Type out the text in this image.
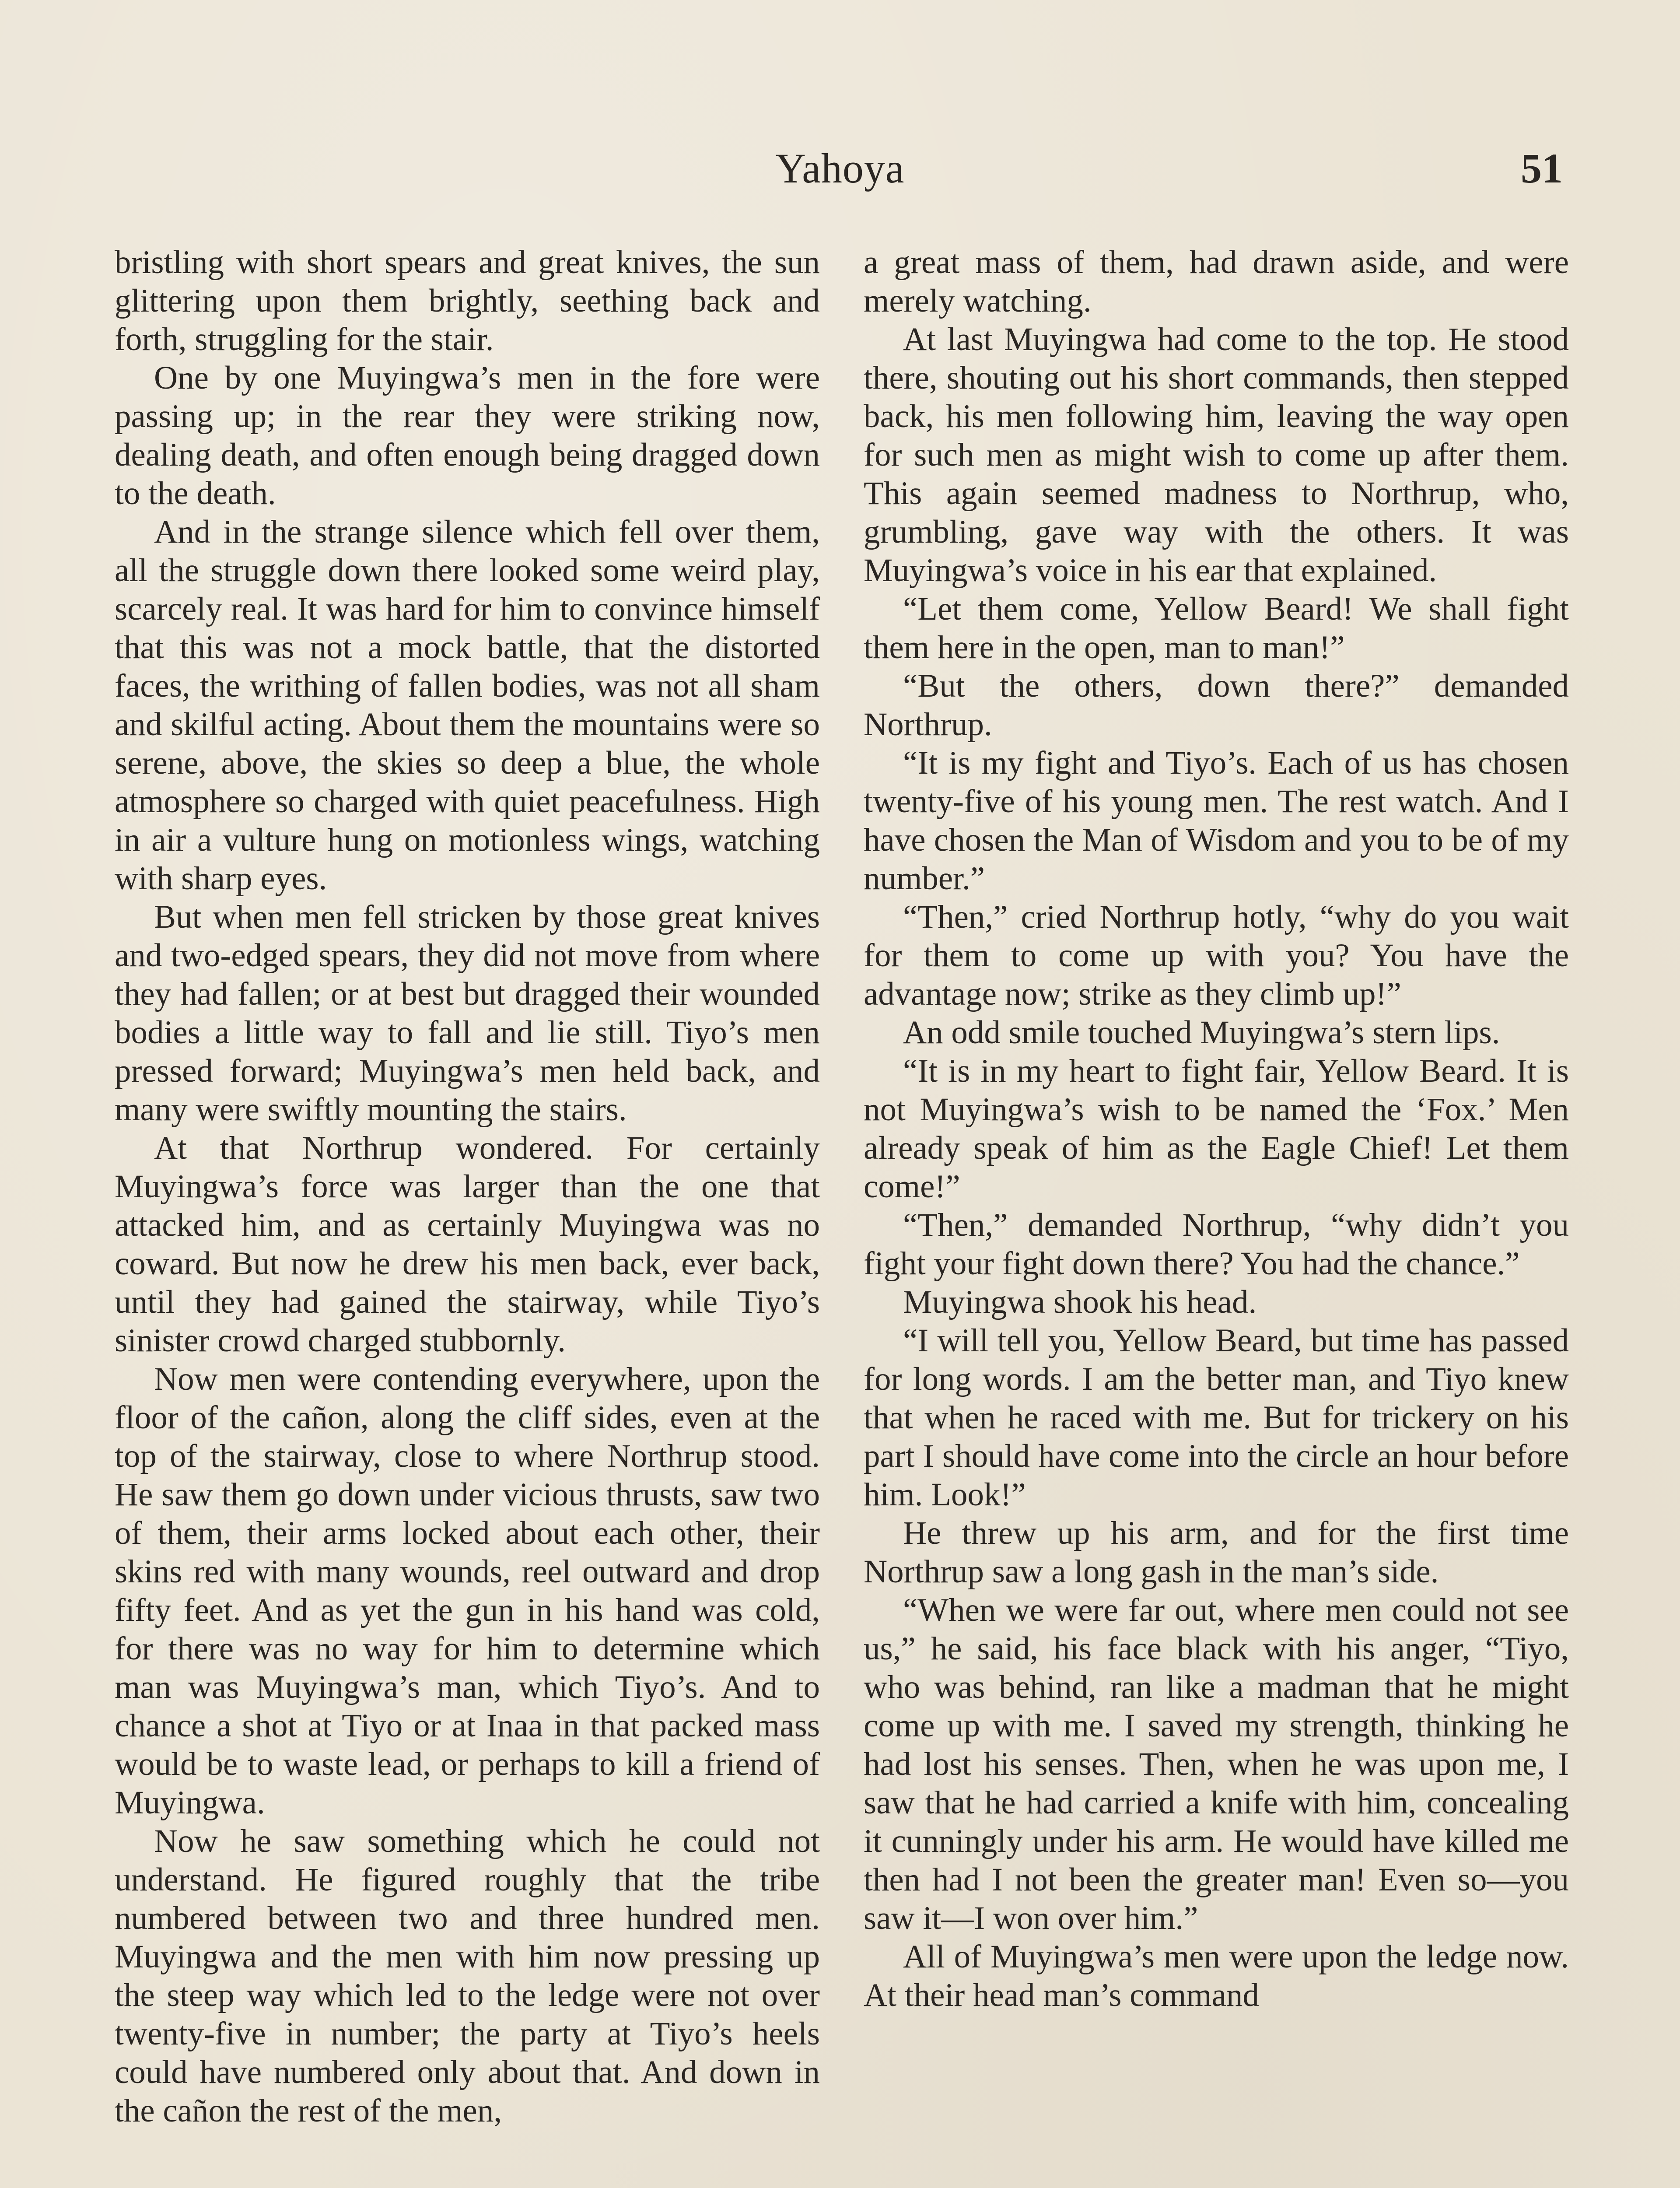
Yahoya	51

bristling with short spears and great knives, the sun glittering upon them brightly, seething back and forth, struggling for the stair.

One by one Muyingwa’s men in the fore were passing up; in the rear they were striking now, dealing death, and often enough being dragged down to the death.

And in the strange silence which fell over them, all the struggle down there looked some weird play, scarcely real. It was hard for him to convince himself that this was not a mock battle, that the distorted faces, the writhing of fallen bodies, was not all sham and skilful acting. About them the mountains were so serene, above, the skies so deep a blue, the whole atmosphere so charged with quiet peacefulness. High in air a vulture hung on motionless wings, watching with sharp eyes.

But when men fell stricken by those great knives and two-edged spears, they did not move from where they had fallen; or at best but dragged their wounded bodies a little way to fall and lie still. Tiyo’s men pressed forward; Muyingwa’s men held back, and many were swiftly mounting the stairs.

At that Northrup wondered. For certainly Muyingwa’s force was larger than the one that attacked him, and as certainly Muyingwa was no coward. But now he drew his men back, ever back, until they had gained the stairway, while Tiyo’s sinister crowd charged stubbornly.

Now men were contending everywhere, upon the floor of the cañon, along the cliff sides, even at the top of the stairway, close to where Northrup stood. He saw them go down under vicious thrusts, saw two of them, their arms locked about each other, their skins red with many wounds, reel outward and drop fifty feet. And as yet the gun in his hand was cold, for there was no way for him to determine which man was Muyingwa’s man, which Tiyo’s. And to chance a shot at Tiyo or at Inaa in that packed mass would be to waste lead, or perhaps to kill a friend of Muyingwa.

Now he saw something which he could not understand. He figured roughly that the tribe numbered between two and three hundred men. Muyingwa and the men with him now pressing up the steep way which led to the ledge were not over twenty-five in number; the party at Tiyo’s heels could have numbered only about that. And down in the cañon the rest of the men,

a great mass of them, had drawn aside, and were merely watching.

At last Muyingwa had come to the top. He stood there, shouting out his short commands, then stepped back, his men following him, leaving the way open for such men as might wish to come up after them. This again seemed madness to Northrup, who, grumbling, gave way with the others. It was Muyingwa’s voice in his ear that explained.

“Let them come, Yellow Beard! We shall fight them here in the open, man to man!”

“But the others, down there?” demanded Northrup.

“It is my fight and Tiyo’s. Each of us has chosen twenty-five of his young men. The rest watch. And I have chosen the Man of Wisdom and you to be of my number.”

“Then,” cried Northrup hotly, “why do you wait for them to come up with you? You have the advantage now; strike as they climb up!”

An odd smile touched Muyingwa’s stern lips.

“It is in my heart to fight fair, Yellow Beard. It is not Muyingwa’s wish to be named the ‘Fox.’ Men already speak of him as the Eagle Chief! Let them come!”

“Then,” demanded Northrup, “why didn’t you fight your fight down there? You had the chance.”

Muyingwa shook his head.

“I will tell you, Yellow Beard, but time has passed for long words. I am the better man, and Tiyo knew that when he raced with me. But for trickery on his part I should have come into the circle an hour before him. Look!”

He threw up his arm, and for the first time Northrup saw a long gash in the man’s side.

“When we were far out, where men could not see us,” he said, his face black with his anger, “Tiyo, who was behind, ran like a madman that he might come up with me. I saved my strength, thinking he had lost his senses. Then, when he was upon me, I saw that he had carried a knife with him, concealing it cunningly under his arm. He would have killed me then had I not been the greater man! Even so—you saw it—I won over him.”

All of Muyingwa’s men were upon the ledge now. At their head man’s command
